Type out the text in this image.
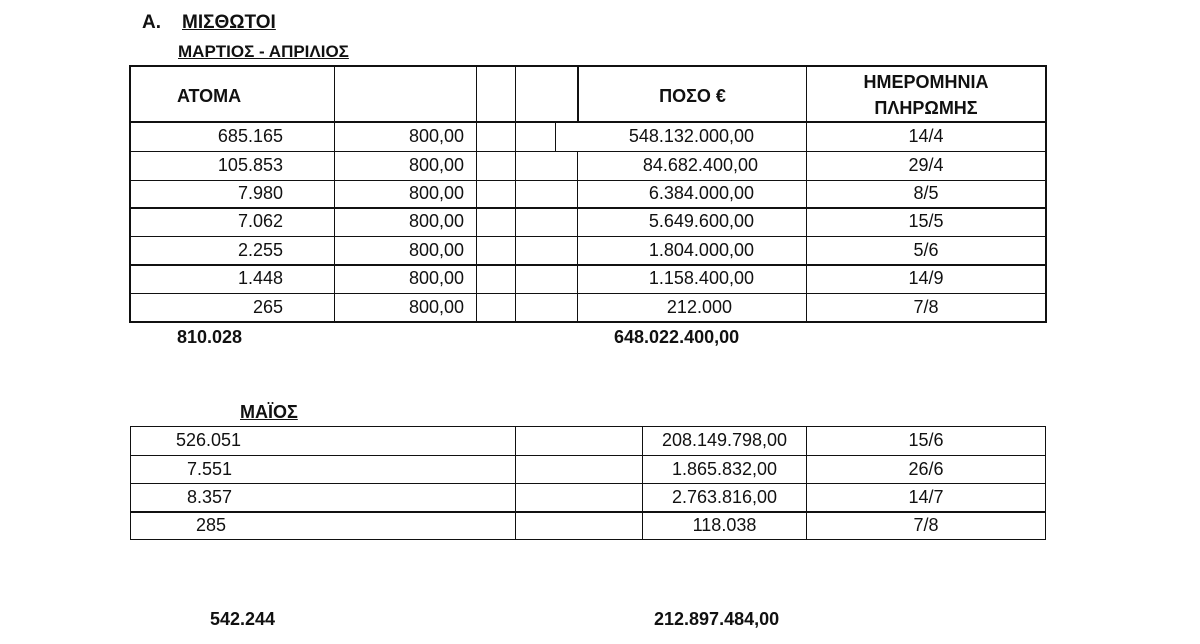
Α. ΜΙΣΘΩΤΟΙ
ΜΑΡΤΙΟΣ - ΑΠΡΙΛΙΟΣ
ΑΤΟΜΑ	ΠΟΣΟ €
ΗΜΕΡΟΜΗΝΙΑ
ΠΛΗΡΩΜΗΣ
685.165	800,00	548.132.000,00	14/4
105.853	800,00	84.682.400,00	29/4
7.980	800,00	6.384.000,00	8/5
7.062	800,00	5.649.600,00	15/5
2.255	800,00	1.804.000,00	5/6
1.448	800,00	1.158.400,00	14/9
265	800,00	212.000	7/8
810.028	648.022.400,00
ΜΑΪΟΣ
526.051	208.149.798,00	15/6
7.551	1.865.832,00	26/6
8.357	2.763.816,00	14/7
285	118.038	7/8
542.244	212.897.484,00
